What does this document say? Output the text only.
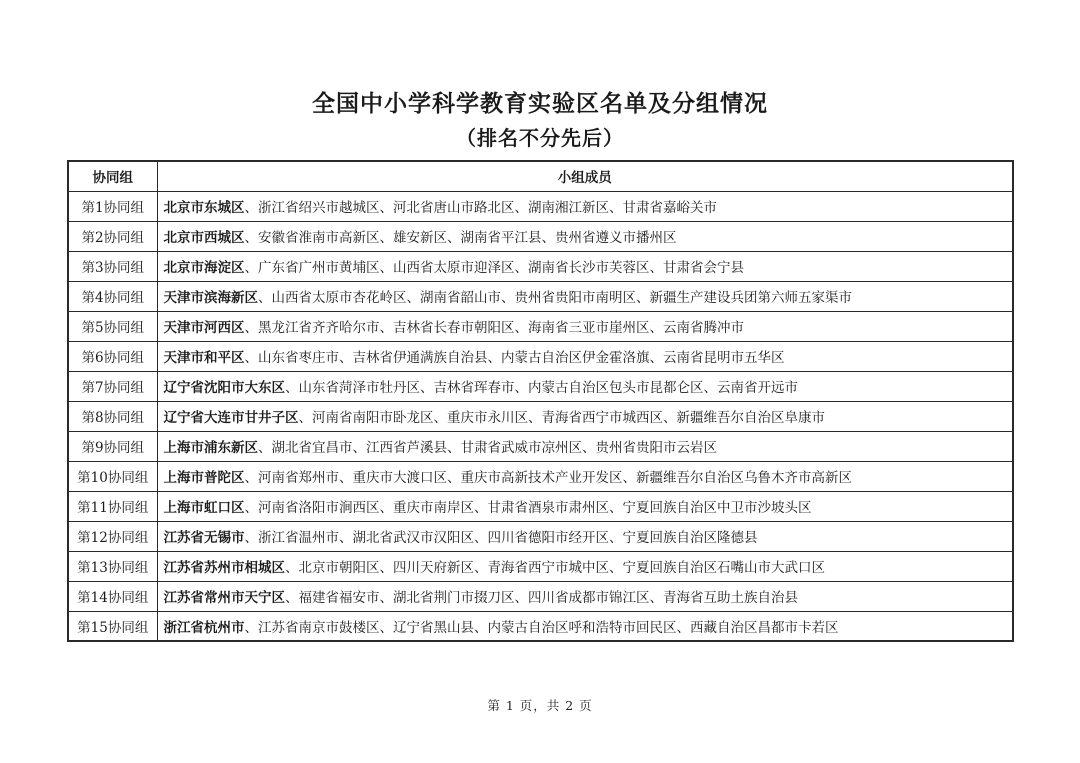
全国中小学科学教育实验区名单及分组情况
（排名不分先后）
协同组	小组成员
第1协同组	北京市东城区、浙江省绍兴市越城区、河北省唐山市路北区、湖南湘江新区、甘肃省嘉峪关市
第2协同组	北京市西城区、安徽省淮南市高新区、雄安新区、湖南省平江县、贵州省遵义市播州区
第3协同组	北京市海淀区、广东省广州市黄埔区、山西省太原市迎泽区、湖南省长沙市芙蓉区、甘肃省会宁县
第4协同组	天津市滨海新区、山西省太原市杏花岭区、湖南省韶山市、贵州省贵阳市南明区、新疆生产建设兵团第六师五家渠市
第5协同组	天津市河西区、黑龙江省齐齐哈尔市、吉林省长春市朝阳区、海南省三亚市崖州区、云南省腾冲市
第6协同组	天津市和平区、山东省枣庄市、吉林省伊通满族自治县、内蒙古自治区伊金霍洛旗、云南省昆明市五华区
第7协同组	辽宁省沈阳市大东区、山东省菏泽市牡丹区、吉林省珲春市、内蒙古自治区包头市昆都仑区、云南省开远市
第8协同组	辽宁省大连市甘井子区、河南省南阳市卧龙区、重庆市永川区、青海省西宁市城西区、新疆维吾尔自治区阜康市
第9协同组	上海市浦东新区、湖北省宜昌市、江西省芦溪县、甘肃省武威市凉州区、贵州省贵阳市云岩区
第10协同组	上海市普陀区、河南省郑州市、重庆市大渡口区、重庆市高新技术产业开发区、新疆维吾尔自治区乌鲁木齐市高新区
第11协同组	上海市虹口区、河南省洛阳市涧西区、重庆市南岸区、甘肃省酒泉市肃州区、宁夏回族自治区中卫市沙坡头区
第12协同组	江苏省无锡市、浙江省温州市、湖北省武汉市汉阳区、四川省德阳市经开区、宁夏回族自治区隆德县
第13协同组	江苏省苏州市相城区、北京市朝阳区、四川天府新区、青海省西宁市城中区、宁夏回族自治区石嘴山市大武口区
第14协同组	江苏省常州市天宁区、福建省福安市、湖北省荆门市掇刀区、四川省成都市锦江区、青海省互助土族自治县
第15协同组	浙江省杭州市、江苏省南京市鼓楼区、辽宁省黑山县、内蒙古自治区呼和浩特市回民区、西藏自治区昌都市卡若区
第 1 页，共 2 页
